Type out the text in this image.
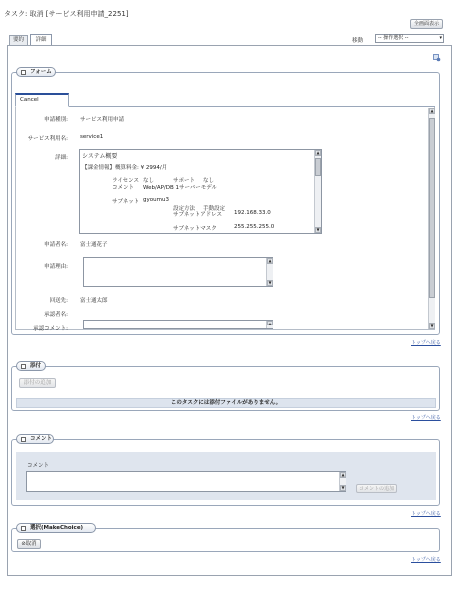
タスク: 取消 [サービス利用申請_2251]
全画面表示
要約	詳細	移動	-- 操作選択 --	▾
フォーム
Cancel
▲
▼
申請種別: サービス利用申請
サービス利用名: service1
詳細: システム概要
【課金情報】概算料金: ¥ 2994/月
ライセンス なし	サポート なし
コメント Web/AP/DB 1サーバーモデル
サブネット gyoumu3
設定方法 手動設定
サブネットアドレス 192.168.33.0
サブネットマスク	255.255.255.0
▲
▼
申請者名: 富士通花子
申請理由:
▲
▼
回送先: 富士通太郎
承認者名:
承認コメント:
▴
トップへ戻る
添付
添付の追加
このタスクには添付ファイルがありません。
トップへ戻る
コメント
コメント
▲
▼	コメントの追加
トップへ戻る
選択(MakeChoice)
⊘取消
トップへ戻る
